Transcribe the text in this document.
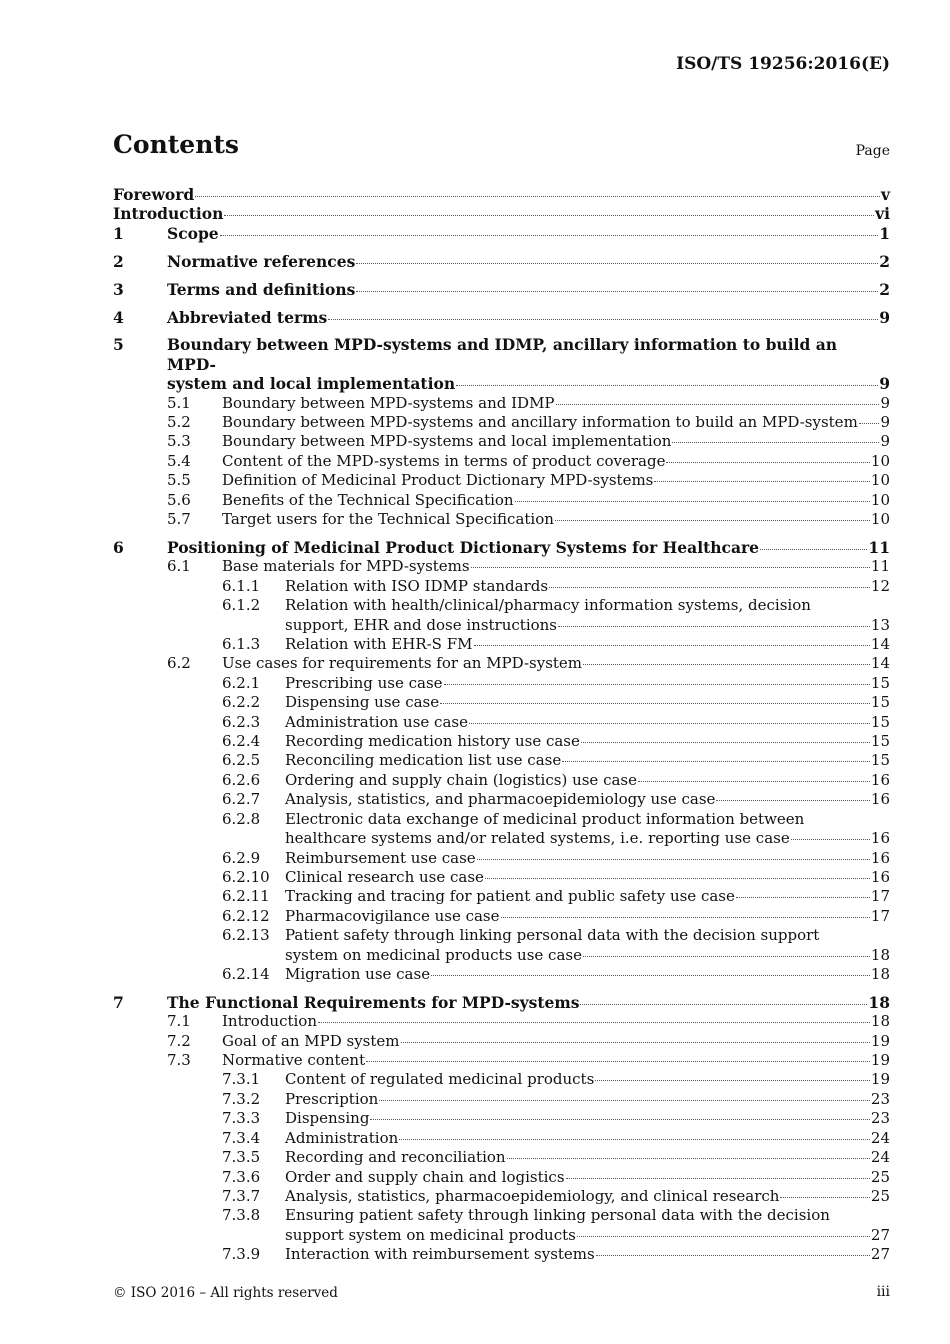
ISO/TS 19256:2016(E)
Contents	Page
Foreword	v
Introduction	vi
1	Scope	1
2	Normative references	2
3	Terms and definitions	2
4	Abbreviated terms	9
5	Boundary between MPD-systems and IDMP, ancillary information to build an MPD-
system and local implementation	9
5.1	Boundary between MPD-systems and IDMP	9
5.2	Boundary between MPD-systems and ancillary information to build an MPD-system 9
5.3	Boundary between MPD-systems and local implementation	9
5.4	Content of the MPD-systems in terms of product coverage	10
5.5	Definition of Medicinal Product Dictionary MPD-systems	10
5.6	Benefits of the Technical Specification	10
5.7	Target users for the Technical Specification	10
6	Positioning of Medicinal Product Dictionary Systems for Healthcare	11
6.1	Base materials for MPD-systems	11
6.1.1	Relation with ISO IDMP standards	12
6.1.2	Relation with health/clinical/pharmacy information systems, decision
support, EHR and dose instructions	13
6.1.3	Relation with EHR-S FM	14
6.2	Use cases for requirements for an MPD-system	14
6.2.1	Prescribing use case	15
6.2.2	Dispensing use case	15
6.2.3	Administration use case	15
6.2.4	Recording medication history use case	15
6.2.5	Reconciling medication list use case	15
6.2.6	Ordering and supply chain (logistics) use case	16
6.2.7	Analysis, statistics, and pharmacoepidemiology use case	16
6.2.8	Electronic data exchange of medicinal product information between
healthcare systems and/or related systems, i.e. reporting use case	16
6.2.9	Reimbursement use case	16
6.2.10	Clinical research use case	16
6.2.11	Tracking and tracing for patient and public safety use case	17
6.2.12	Pharmacovigilance use case	17
6.2.13	Patient safety through linking personal data with the decision support
system on medicinal products use case	18
6.2.14	Migration use case	18
7	The Functional Requirements for MPD-systems	18
7.1	Introduction	18
7.2	Goal of an MPD system	19
7.3	Normative content	19
7.3.1	Content of regulated medicinal products	19
7.3.2	Prescription	23
7.3.3	Dispensing	23
7.3.4	Administration	24
7.3.5	Recording and reconciliation	24
7.3.6	Order and supply chain and logistics	25
7.3.7	Analysis, statistics, pharmacoepidemiology, and clinical research	25
7.3.8	Ensuring patient safety through linking personal data with the decision
support system on medicinal products	27
7.3.9	Interaction with reimbursement systems	27
© ISO 2016 – All rights reserved	iii
